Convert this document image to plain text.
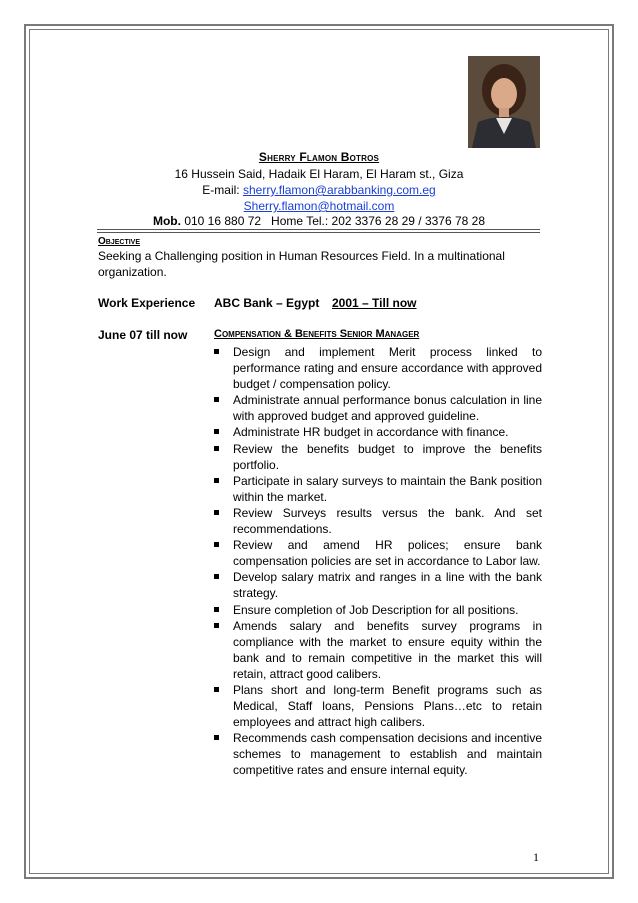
Sherry Flamon Botros
16 Hussein Said, Hadaik El Haram, El Haram st., Giza
E-mail: sherry.flamon@arabbanking.com.eg
Sherry.flamon@hotmail.com
Mob. 010 16 880 72   Home Tel.: 202 3376 28 29 / 3376 78 28
Objective
Seeking a Challenging position in Human Resources Field. In a multinational organization.
Work Experience ABC Bank – Egypt 2001 – Till now
June 07 till now Compensation & Benefits Senior Manager
Design and implement Merit process linked to performance rating and ensure accordance with approved budget / compensation policy.
Administrate annual performance bonus calculation in line with approved budget and approved guideline.
Administrate HR budget in accordance with finance.
Review the benefits budget to improve the benefits portfolio.
Participate in salary surveys to maintain the Bank position within the market.
Review Surveys results versus the bank. And set recommendations.
Review and amend HR polices; ensure bank compensation policies are set in accordance to Labor law.
Develop salary matrix and ranges in a line with the bank strategy.
Ensure completion of Job Description for all positions.
Amends salary and benefits survey programs in compliance with the market to ensure equity within the bank and to remain competitive in the market this will retain, attract good calibers.
Plans short and long-term Benefit programs such as Medical, Staff loans, Pensions Plans…etc to retain employees and attract high calibers.
Recommends cash compensation decisions and incentive schemes to management to establish and maintain competitive rates and ensure internal equity.
1
